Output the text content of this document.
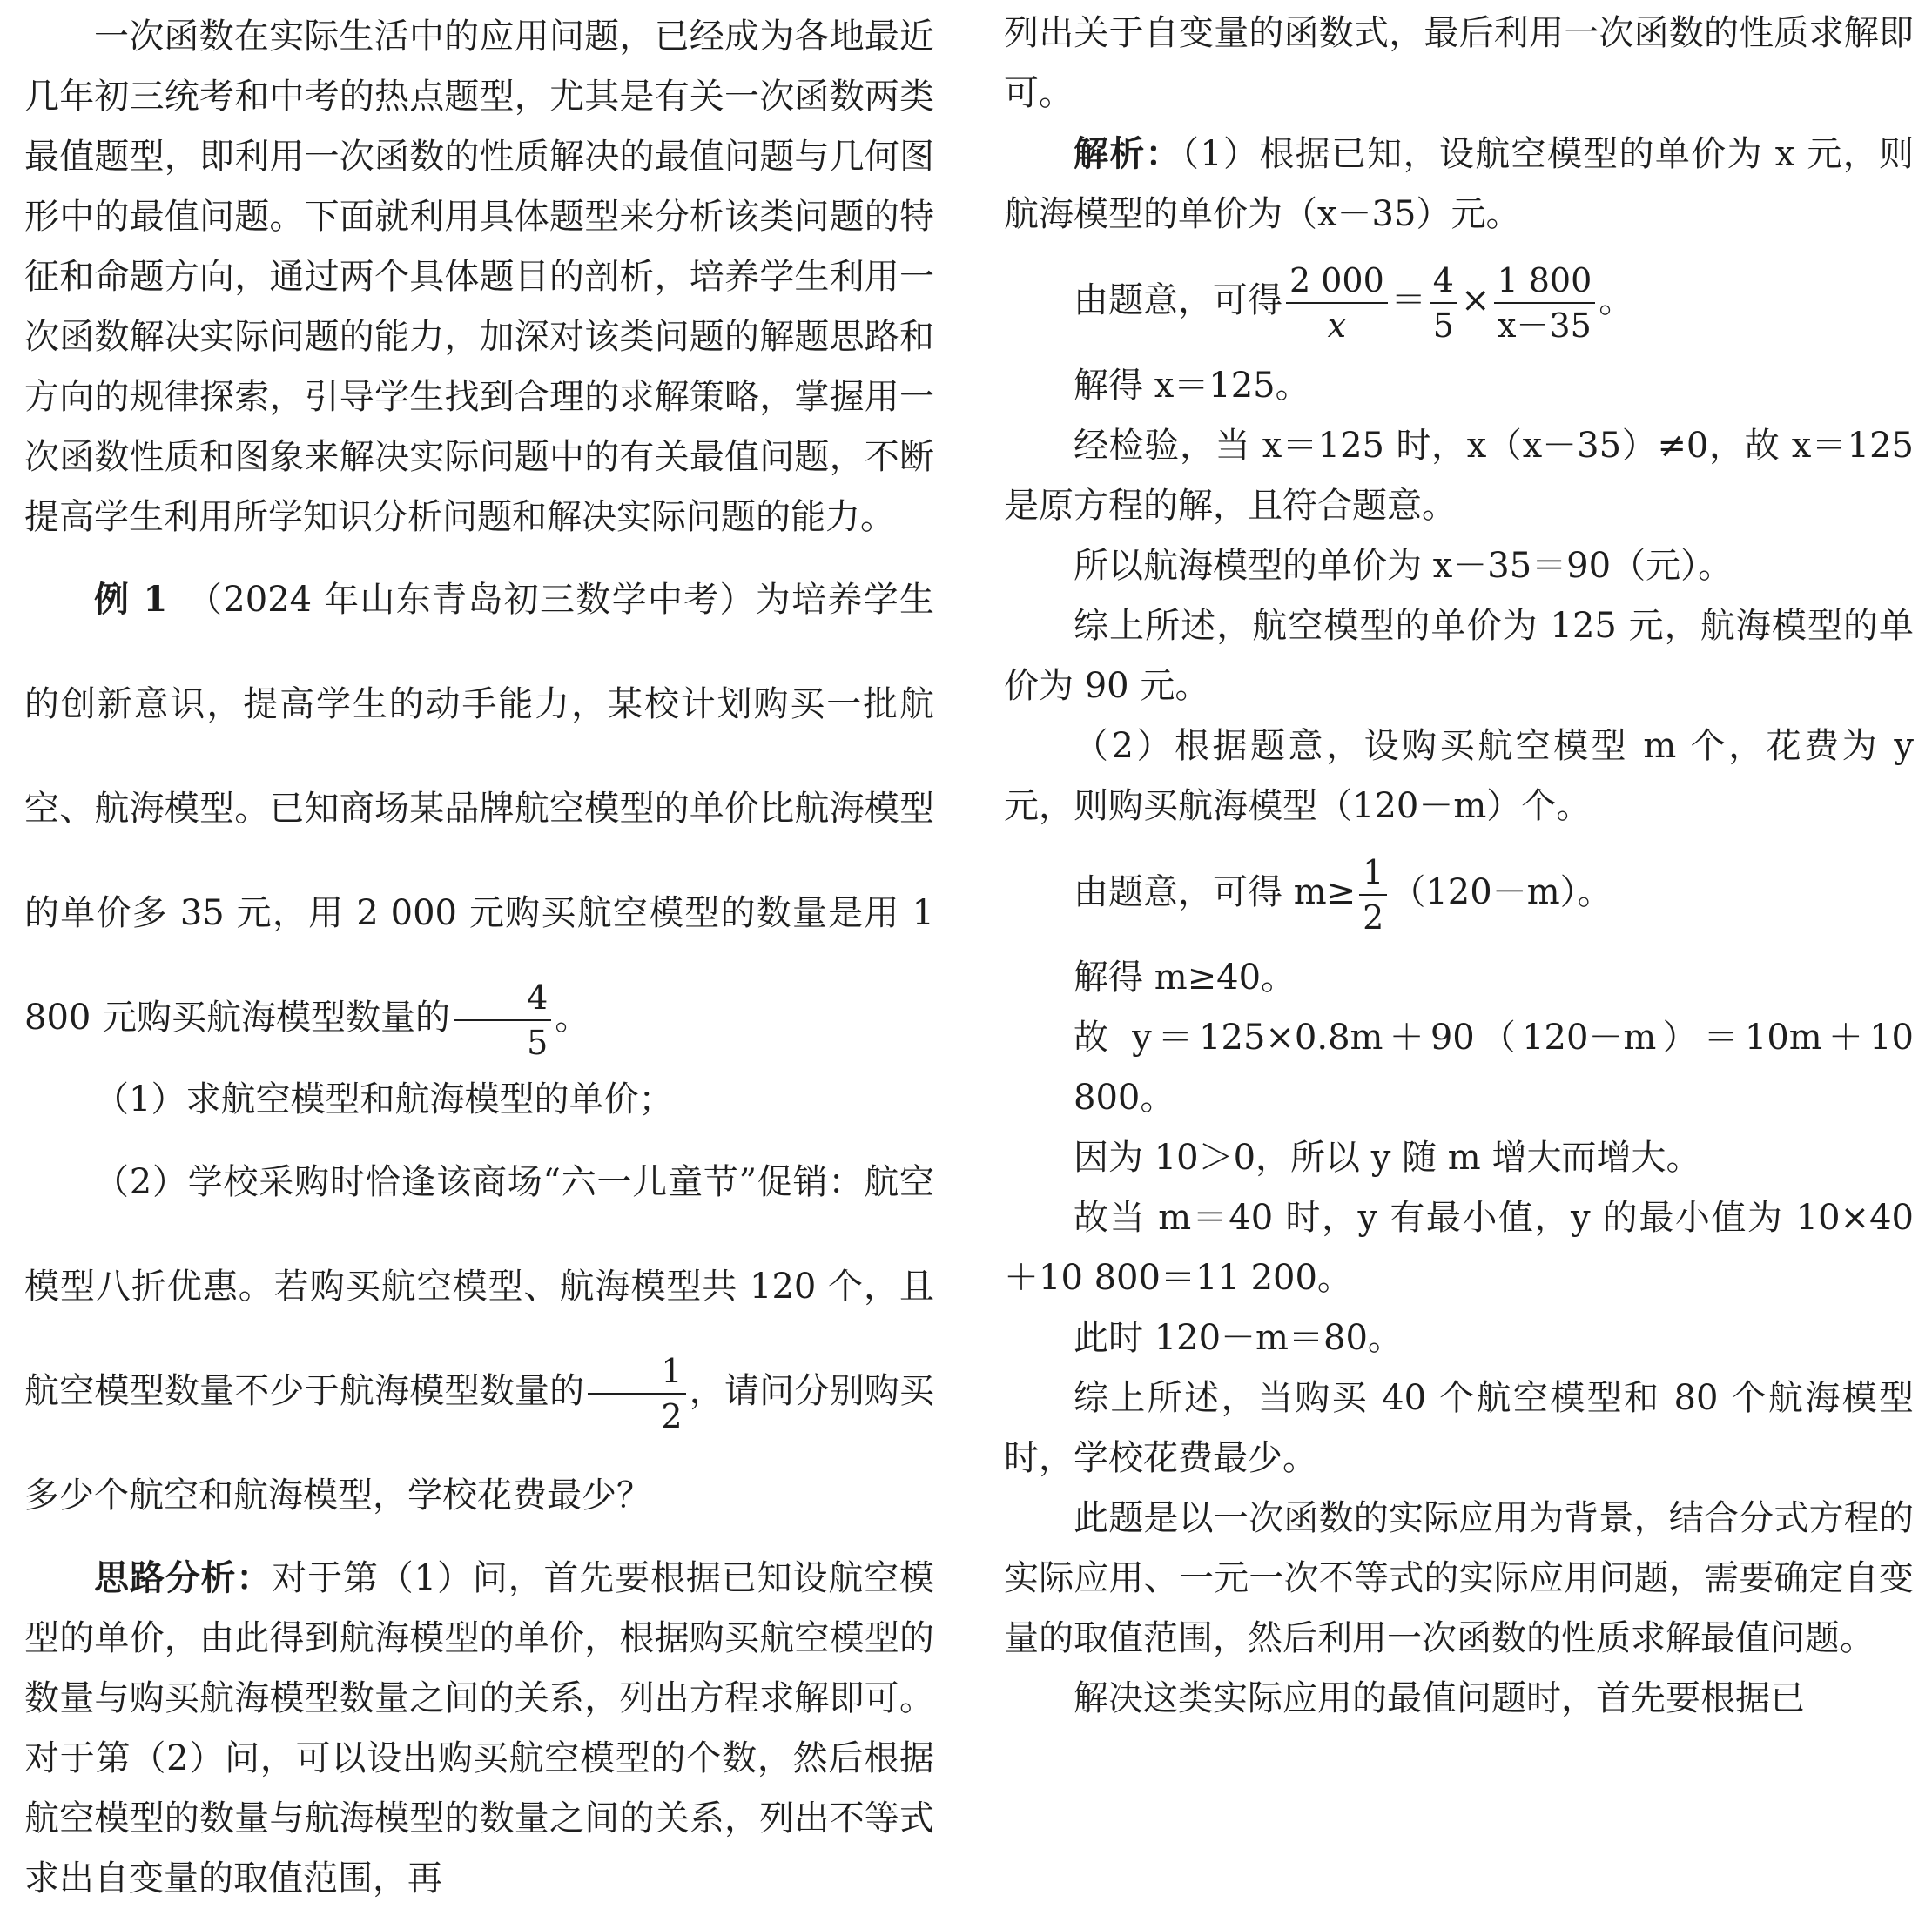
一次函数在实际生活中的应用问题，已经成为各地最近几年初三统考和中考的热点题型，尤其是有关一次函数两类最值题型，即利用一次函数的性质解决的最值问题与几何图形中的最值问题。下面就利用具体题型来分析该类问题的特征和命题方向，通过两个具体题目的剖析，培养学生利用一次函数解决实际问题的能力，加深对该类问题的解题思路和方向的规律探索，引导学生找到合理的求解策略，掌握用一次函数性质和图象来解决实际问题中的有关最值问题，不断提高学生利用所学知识分析问题和解决实际问题的能力。

例 1　 （2024 年山东青岛初三数学中考）为培养学生的创新意识，提高学生的动手能力，某校计划购买一批航空、航海模型。已知商场某品牌航空模型的单价比航海模型的单价多 35 元，用 2 000 元购买航空模型的数量是用 1 800 元购买航海模型数量的 $\frac{4}{5}$ 。

（1）求航空模型和航海模型的单价；

（2）学校采购时恰逢该商场“六一儿童节”促销：航空模型八折优惠。若购买航空模型、航海模型共 120 个，且航空模型数量不少于航海模型数量的 $\frac{1}{2}$ ，请问分别购买多少个航空和航海模型，学校花费最少？

思路分析：对于第（1）问，首先要根据已知设航空模型的单价，由此得到航海模型的单价，根据购买航空模型的数量与购买航海模型数量之间的关系，列出方程求解即可。对于第（2）问，可以设出购买航空模型的个数，然后根据航空模型的数量与航海模型的数量之间的关系，列出不等式求出自变量的取值范围，再

列出关于自变量的函数式，最后利用一次函数的性质求解即可。

解析：（1）根据已知，设航空模型的单价为 x 元，则航海模型的单价为（x－35）元。

由题意，可得 $\frac{2 000}{x} = \frac{4}{5} \times \frac{1 800}{x-35}$ 。

解得 x＝125。

经检验，当 x＝125 时，x（x－35）≠0，故 x＝125 是原方程的解，且符合题意。

所以航海模型的单价为 x－35＝90（元）。

综上所述，航空模型的单价为 125 元，航海模型的单价为 90 元。

（2）根据题意，设购买航空模型 m 个，花费为 y 元，则购买航海模型（120－m）个。

由题意，可得 $m\ge \frac{1}{2} (120-m)$。

解得 m≥40。

故 y＝125×0.8m＋90（120－m）＝10m＋10 800。

因为 10＞0，所以 y 随 m 增大而增大。

故当 m＝40 时，y 有最小值，y 的最小值为 10×40＋10 800＝11 200。

此时 120－m＝80。

综上所述，当购买 40 个航空模型和 80 个航海模型时，学校花费最少。

此题是以一次函数的实际应用为背景，结合分式方程的实际应用、一元一次不等式的实际应用问题，需要确定自变量的取值范围，然后利用一次函数的性质求解最值问题。

解决这类实际应用的最值问题时，首先要根据已
